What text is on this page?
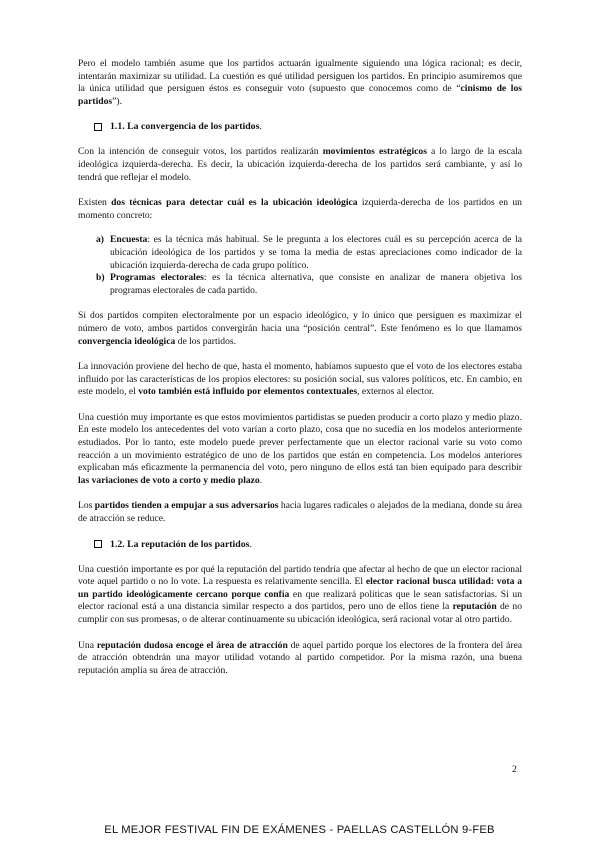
Pero el modelo también asume que los partidos actuarán igualmente siguiendo una lógica racional; es decir, intentarán maximizar su utilidad. La cuestión es qué utilidad persiguen los partidos. En principio asumiremos que la única utilidad que persiguen éstos es conseguir voto (supuesto que conocemos como de “cinismo de los partidos”).

1.1. La convergencia de los partidos .

Con la intención de conseguir votos, los partidos realizarán movimientos estratégicos a lo largo de la escala ideológica izquierda-derecha. Es decir, la ubicación izquierda-derecha de los partidos será cambiante, y así lo tendrá que reflejar el modelo.

Existen dos técnicas para detectar cuál es la ubicación ideológica izquierda-derecha de los partidos en un momento concreto:

a) Encuesta: es la técnica más habitual. Se le pregunta a los electores cuál es su percepción acerca de la ubicación ideológica de los partidos y se toma la media de estas apreciaciones como indicador de la ubicación izquierda-derecha de cada grupo político.
b) Programas electorales: es la técnica alternativa, que consiste en analizar de manera objetiva los programas electorales de cada partido.

Si dos partidos compiten electoralmente por un espacio ideológico, y lo único que persiguen es maximizar el número de voto, ambos partidos convergirán hacia una “posición central”. Este fenómeno es lo que llamamos convergencia ideológica de los partidos.

La innovación proviene del hecho de que, hasta el momento, habíamos supuesto que el voto de los electores estaba influido por las características de los propios electores: su posición social, sus valores políticos, etc. En cambio, en este modelo, el voto también está influido por elementos contextuales, externos al elector.

Una cuestión muy importante es que estos movimientos partidistas se pueden producir a corto plazo y medio plazo. En este modelo los antecedentes del voto varían a corto plazo, cosa que no sucedía en los modelos anteriormente estudiados. Por lo tanto, este modelo puede prever perfectamente que un elector racional varíe su voto como reacción a un movimiento estratégico de uno de los partidos que están en competencia. Los modelos anteriores explicaban más eficazmente la permanencia del voto, pero ninguno de ellos está tan bien equipado para describir las variaciones de voto a corto y medio plazo.

Los partidos tienden a empujar a sus adversarios hacia lugares radicales o alejados de la mediana, donde su área de atracción se reduce.

1.2. La reputación de los partidos .

Una cuestión importante es por qué la reputación del partido tendría que afectar al hecho de que un elector racional vote aquel partido o no lo vote. La respuesta es relativamente sencilla. El elector racional busca utilidad: vota a un partido ideológicamente cercano porque confía en que realizará políticas que le sean satisfactorias. Si un elector racional está a una distancia similar respecto a dos partidos, pero uno de ellos tiene la reputación de no cumplir con sus promesas, o de alterar continuamente su ubicación ideológica, será racional votar al otro partido.

Una reputación dudosa encoge el área de atracción de aquel partido porque los electores de la frontera del área de atracción obtendrán una mayor utilidad votando al partido competidor. Por la misma razón, una buena reputación amplía su área de atracción.

2
EL MEJOR FESTIVAL FIN DE EXÁMENES - PAELLAS CASTELLÓN 9-FEB
